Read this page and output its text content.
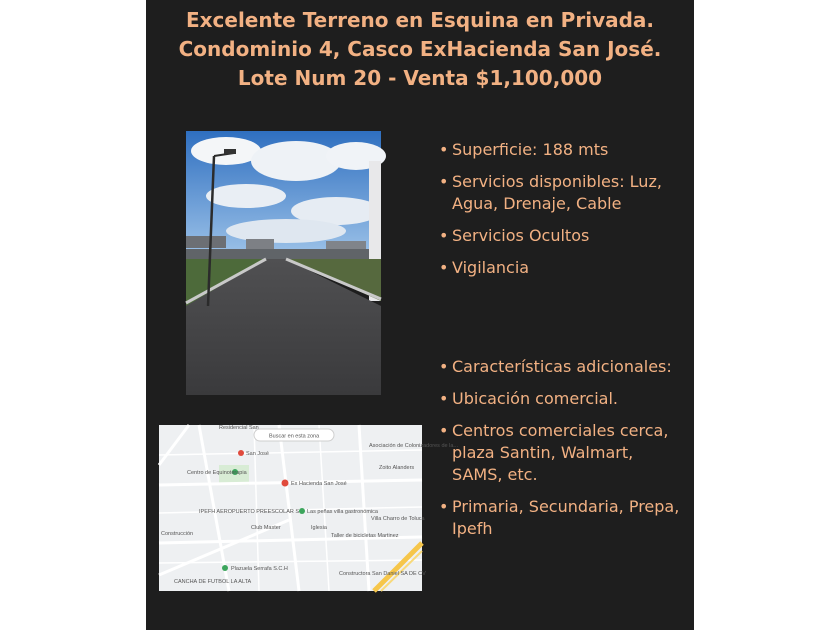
Excelente Terreno en Esquina en Privada.
Condominio 4, Casco ExHacienda San José.
Lote Num 20 - Venta $1,100,000
Buscar en esta zona
Residencial San
San José
Ex Hacienda San José
Asociación de Colonizadores de la...
Zoito Alanders
Centro de Equinoterapia
IPEFH AEROPUERTO PREESCOLAR S Las peñas villa gastronómica
Club Master	Iglesia
Taller de bicicletas Martinez
Villa Charro de Toluca
Construcción
Plazuela Serrafa S.C.H
CANCHA DE FUTBOL LA ALTA
Constructora San Daniel SA DE CV
• Superficie: 188 mts
• Servicios disponibles: Luz, Agua, Drenaje, Cable
• Servicios Ocultos
• Vigilancia
• Características adicionales:
• Ubicación comercial.
• Centros comerciales cerca, plaza Santin, Walmart, SAMS, etc.
• Primaria, Secundaria, Prepa, Ipefh
